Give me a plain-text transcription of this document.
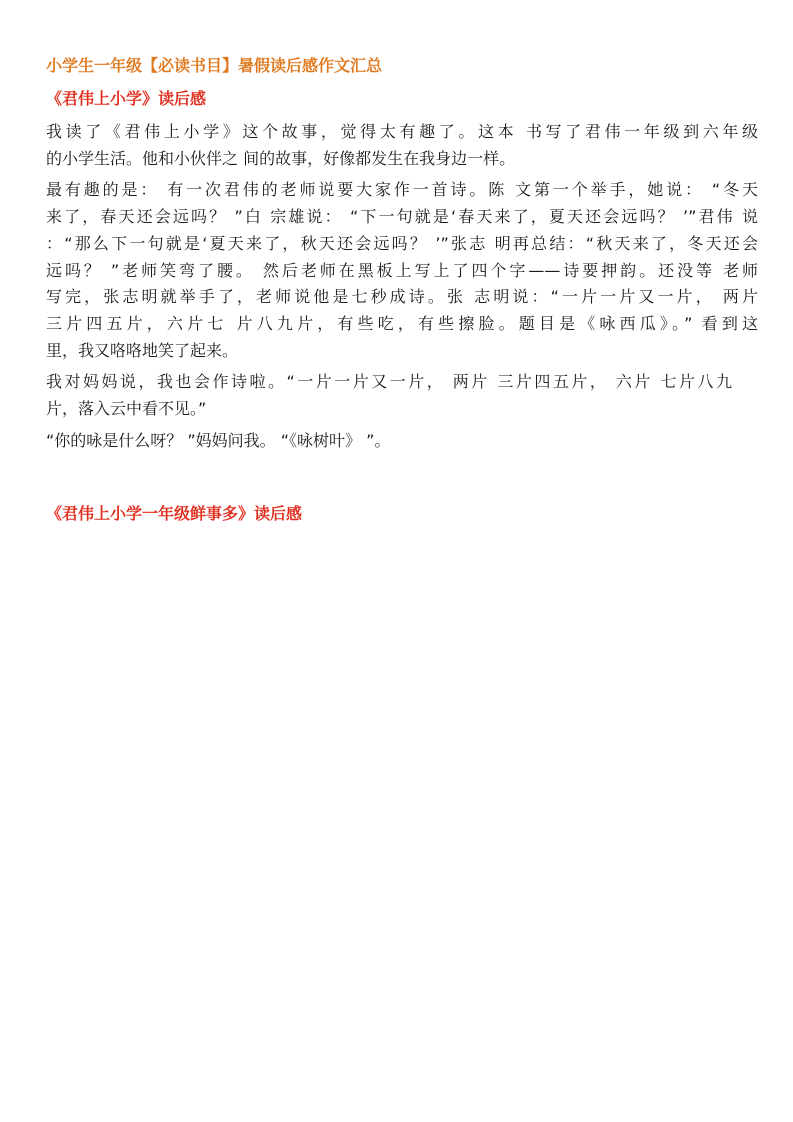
小学生一年级【必读书目】暑假读后感作文汇总
《君伟上小学》读后感
我读了《君伟上小学》这个故事，觉得太有趣了。这本 书写了君伟一年级到六年级
的小学生活。他和小伙伴之 间的故事，好像都发生在我身边一样。
最有趣的是： 有一次君伟的老师说要大家作一首诗。陈 文第一个举手，她说： “冬天
来了，春天还会远吗？ ”白 宗雄说： “下一句就是‘春天来了，夏天还会远吗？ ’”君伟 说
：“那么下一句就是‘夏天来了，秋天还会远吗？ ’”张志 明再总结：“秋天来了，冬天还会
远吗？ ”老师笑弯了腰。 然后老师在黑板上写上了四个字——诗要押韵。还没等 老师
写完，张志明就举手了，老师说他是七秒成诗。张 志明说：“一片一片又一片， 两片
三片四五片，六片七 片八九片，有些吃，有些擦脸。题目是《咏西瓜》。” 看到这
里，我又咯咯地笑了起来。
我对妈妈说，我也会作诗啦。“一片一片又一片， 两片 三片四五片， 六片 七片八九
片，落入云中看不见。”
“你的咏是什么呀？ ”妈妈问我。 “《咏树叶》 ”。
《君伟上小学一年级鲜事多》读后感
